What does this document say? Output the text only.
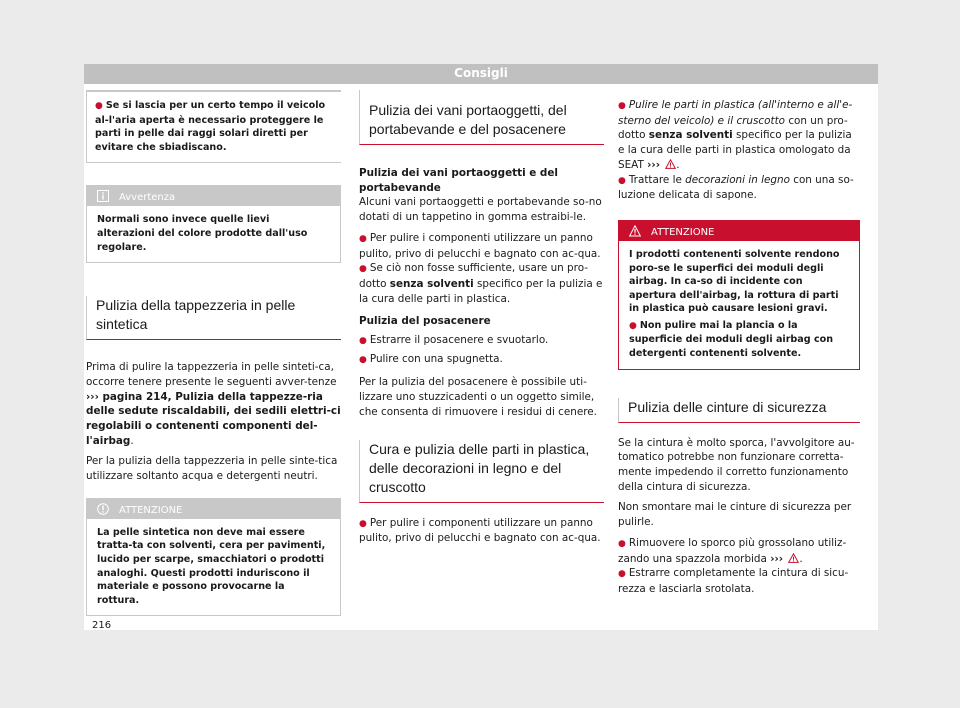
Consigli
● Se si lascia per un certo tempo il veicolo al-l'aria aperta è necessario proteggere le parti in pelle dai raggi solari diretti per evitare che sbiadiscano.
Avvertenza
Normali sono invece quelle lievi alterazioni del colore prodotte dall'uso regolare.
Pulizia della tappezzeria in pelle sintetica
Prima di pulire la tappezzeria in pelle sinteti-ca, occorre tenere presente le seguenti avver-tenze ››› pagina 214, Pulizia della tappezze-ria delle sedute riscaldabili, dei sedili elettri-ci regolabili o contenenti componenti del-l'airbag.
Per la pulizia della tappezzeria in pelle sinte-tica utilizzare soltanto acqua e detergenti neutri.
ATTENZIONE
La pelle sintetica non deve mai essere tratta-ta con solventi, cera per pavimenti, lucido per scarpe, smacchiatori o prodotti analoghi. Questi prodotti induriscono il materiale e possono provocarne la rottura.
Pulizia dei vani portaoggetti, del portabevande e del posacenere
Pulizia dei vani portaoggetti e del portabevande
Alcuni vani portaoggetti e portabevande so-no dotati di un tappetino in gomma estraibi-le.
● Per pulire i componenti utilizzare un panno pulito, privo di pelucchi e bagnato con ac-qua.
● Se ciò non fosse sufficiente, usare un pro-dotto senza solventi specifico per la pulizia e la cura delle parti in plastica.
Pulizia del posacenere
● Estrarre il posacenere e svuotarlo.
● Pulire con una spugnetta.
Per la pulizia del posacenere è possibile uti-lizzare uno stuzzicadenti o un oggetto simile, che consenta di rimuovere i residui di cenere.
Cura e pulizia delle parti in plastica, delle decorazioni in legno e del cruscotto
● Per pulire i componenti utilizzare un panno pulito, privo di pelucchi e bagnato con ac-qua.
● Pulire le parti in plastica (all'interno e all'e-sterno del veicolo) e il cruscotto con un pro-dotto senza solventi specifico per la pulizia e la cura delle parti in plastica omologato da SEAT ››› .
● Trattare le decorazioni in legno con una so-luzione delicata di sapone.
ATTENZIONE
I prodotti contenenti solvente rendono poro-se le superfici dei moduli degli airbag. In ca-so di incidente con apertura dell'airbag, la rottura di parti in plastica può causare lesioni gravi.
● Non pulire mai la plancia o la superficie dei moduli degli airbag con detergenti contenenti solvente.
Pulizia delle cinture di sicurezza
Se la cintura è molto sporca, l'avvolgitore au-tomatico potrebbe non funzionare corretta-mente impedendo il corretto funzionamento della cintura di sicurezza.
Non smontare mai le cinture di sicurezza per pulirle.
● Rimuovere lo sporco più grossolano utiliz-zando una spazzola morbida ››› .
● Estrarre completamente la cintura di sicu-rezza e lasciarla srotolata.
216
